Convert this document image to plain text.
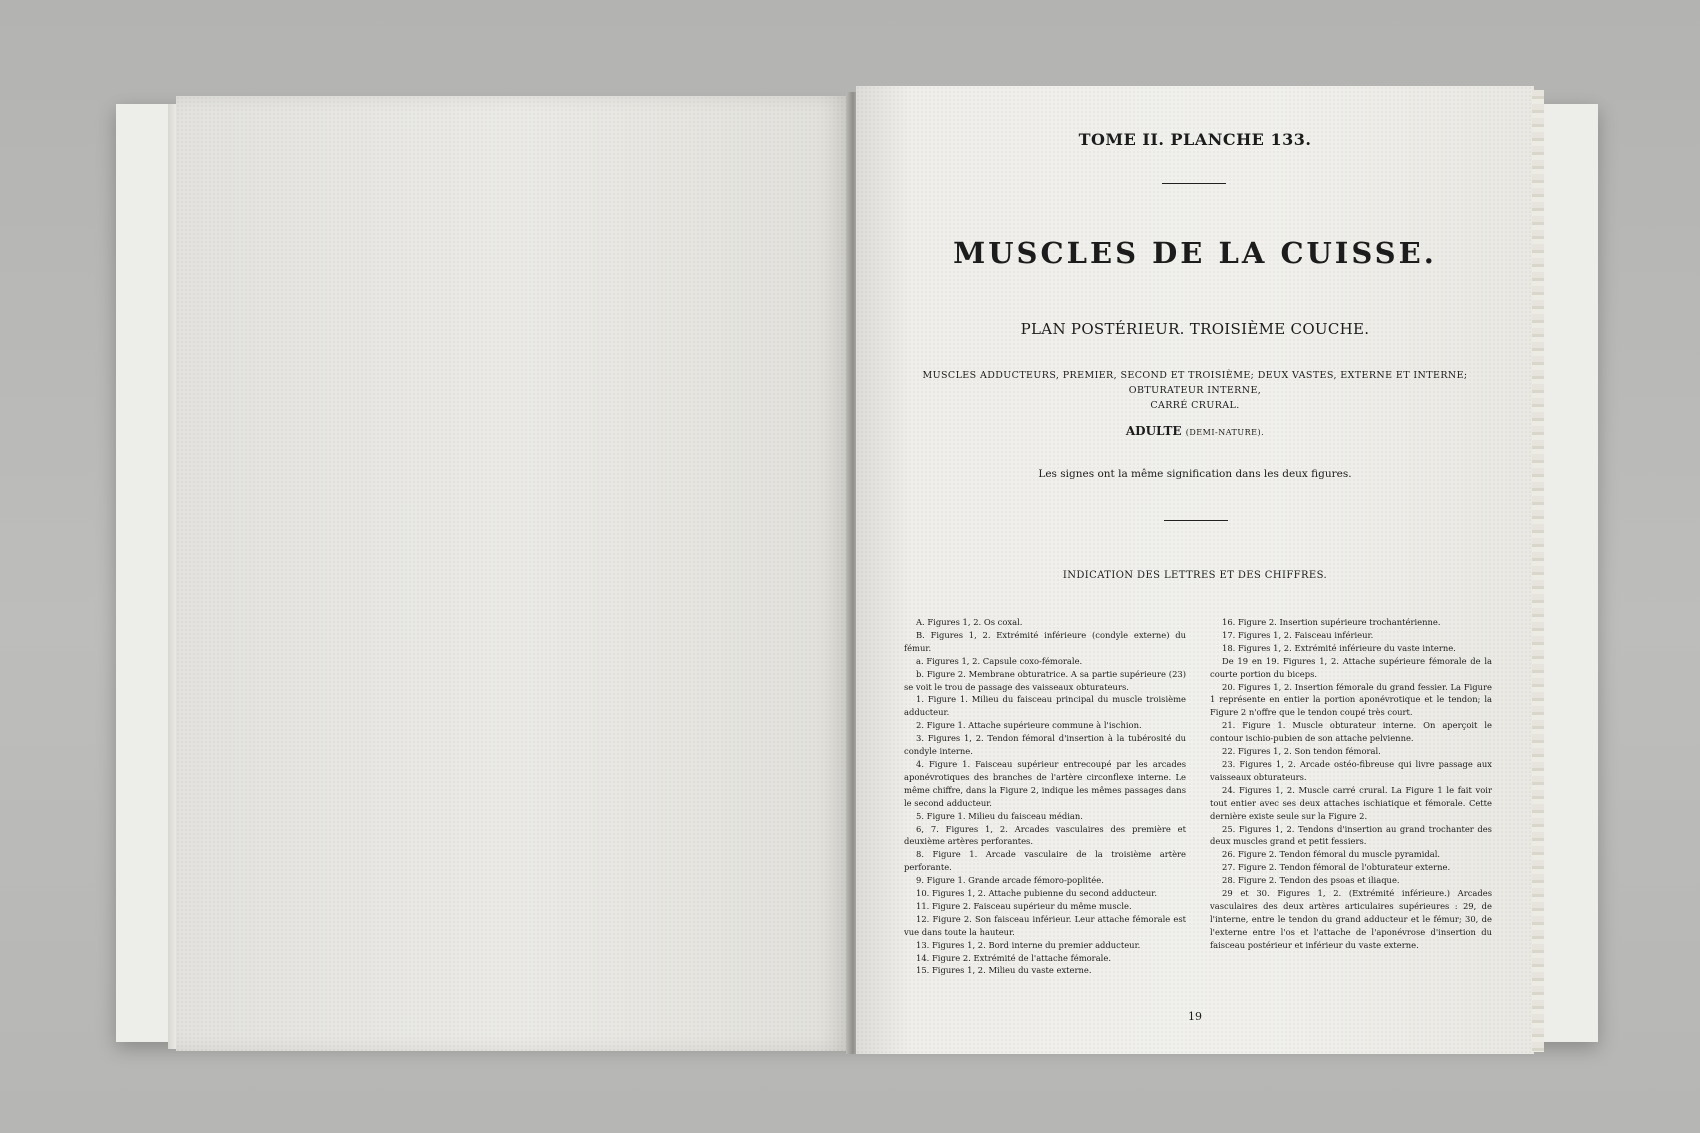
TOME II. PLANCHE 133.
MUSCLES DE LA CUISSE.
PLAN POSTÉRIEUR. TROISIÈME COUCHE.
MUSCLES ADDUCTEURS, PREMIER, SECOND ET TROISIÈME; DEUX VASTES, EXTERNE ET INTERNE; OBTURATEUR INTERNE,
CARRÉ CRURAL.
ADULTE (DEMI-NATURE).
Les signes ont la même signification dans les deux figures.
INDICATION DES LETTRES ET DES CHIFFRES.

A. Figures 1, 2. Os coxal.

B. Figures 1, 2. Extrémité inférieure (condyle externe) du fémur.

a. Figures 1, 2. Capsule coxo-fémorale.

b. Figure 2. Membrane obturatrice. A sa partie supérieure (23) se voit le trou de passage des vaisseaux obturateurs.

1. Figure 1. Milieu du faisceau principal du muscle troisième adducteur.

2. Figure 1. Attache supérieure commune à l'ischion.

3. Figures 1, 2. Tendon fémoral d'insertion à la tubérosité du condyle interne.

4. Figure 1. Faisceau supérieur entrecoupé par les arcades aponévrotiques des branches de l'artère circonflexe interne. Le même chiffre, dans la Figure 2, indique les mêmes passages dans le second adducteur.

5. Figure 1. Milieu du faisceau médian.

6, 7. Figures 1, 2. Arcades vasculaires des première et deuxième artères perforantes.

8. Figure 1. Arcade vasculaire de la troisième artère perforante.

9. Figure 1. Grande arcade fémoro-poplitée.

10. Figures 1, 2. Attache pubienne du second adducteur.

11. Figure 2. Faisceau supérieur du même muscle.

12. Figure 2. Son faisceau inférieur. Leur attache fémorale est vue dans toute la hauteur.

13. Figures 1, 2. Bord interne du premier adducteur.

14. Figure 2. Extrémité de l'attache fémorale.

15. Figures 1, 2. Milieu du vaste externe.

16. Figure 2. Insertion supérieure trochantérienne.

17. Figures 1, 2. Faisceau inférieur.

18. Figures 1, 2. Extrémité inférieure du vaste interne.

De 19 en 19. Figures 1, 2. Attache supérieure fémorale de la courte portion du biceps.

20. Figures 1, 2. Insertion fémorale du grand fessier. La Figure 1 représente en entier la portion aponévrotique et le tendon; la Figure 2 n'offre que le tendon coupé très court.

21. Figure 1. Muscle obturateur interne. On aperçoit le contour ischio-pubien de son attache pelvienne.

22. Figures 1, 2. Son tendon fémoral.

23. Figures 1, 2. Arcade ostéo-fibreuse qui livre passage aux vaisseaux obturateurs.

24. Figures 1, 2. Muscle carré crural. La Figure 1 le fait voir tout entier avec ses deux attaches ischiatique et fémorale. Cette dernière existe seule sur la Figure 2.

25. Figures 1, 2. Tendons d'insertion au grand trochanter des deux muscles grand et petit fessiers.

26. Figure 2. Tendon fémoral du muscle pyramidal.

27. Figure 2. Tendon fémoral de l'obturateur externe.

28. Figure 2. Tendon des psoas et iliaque.

29 et 30. Figures 1, 2. (Extrémité inférieure.) Arcades vasculaires des deux artères articulaires supérieures : 29, de l'interne, entre le tendon du grand adducteur et le fémur; 30, de l'externe entre l'os et l'attache de l'aponévrose d'insertion du faisceau postérieur et inférieur du vaste externe.

19
